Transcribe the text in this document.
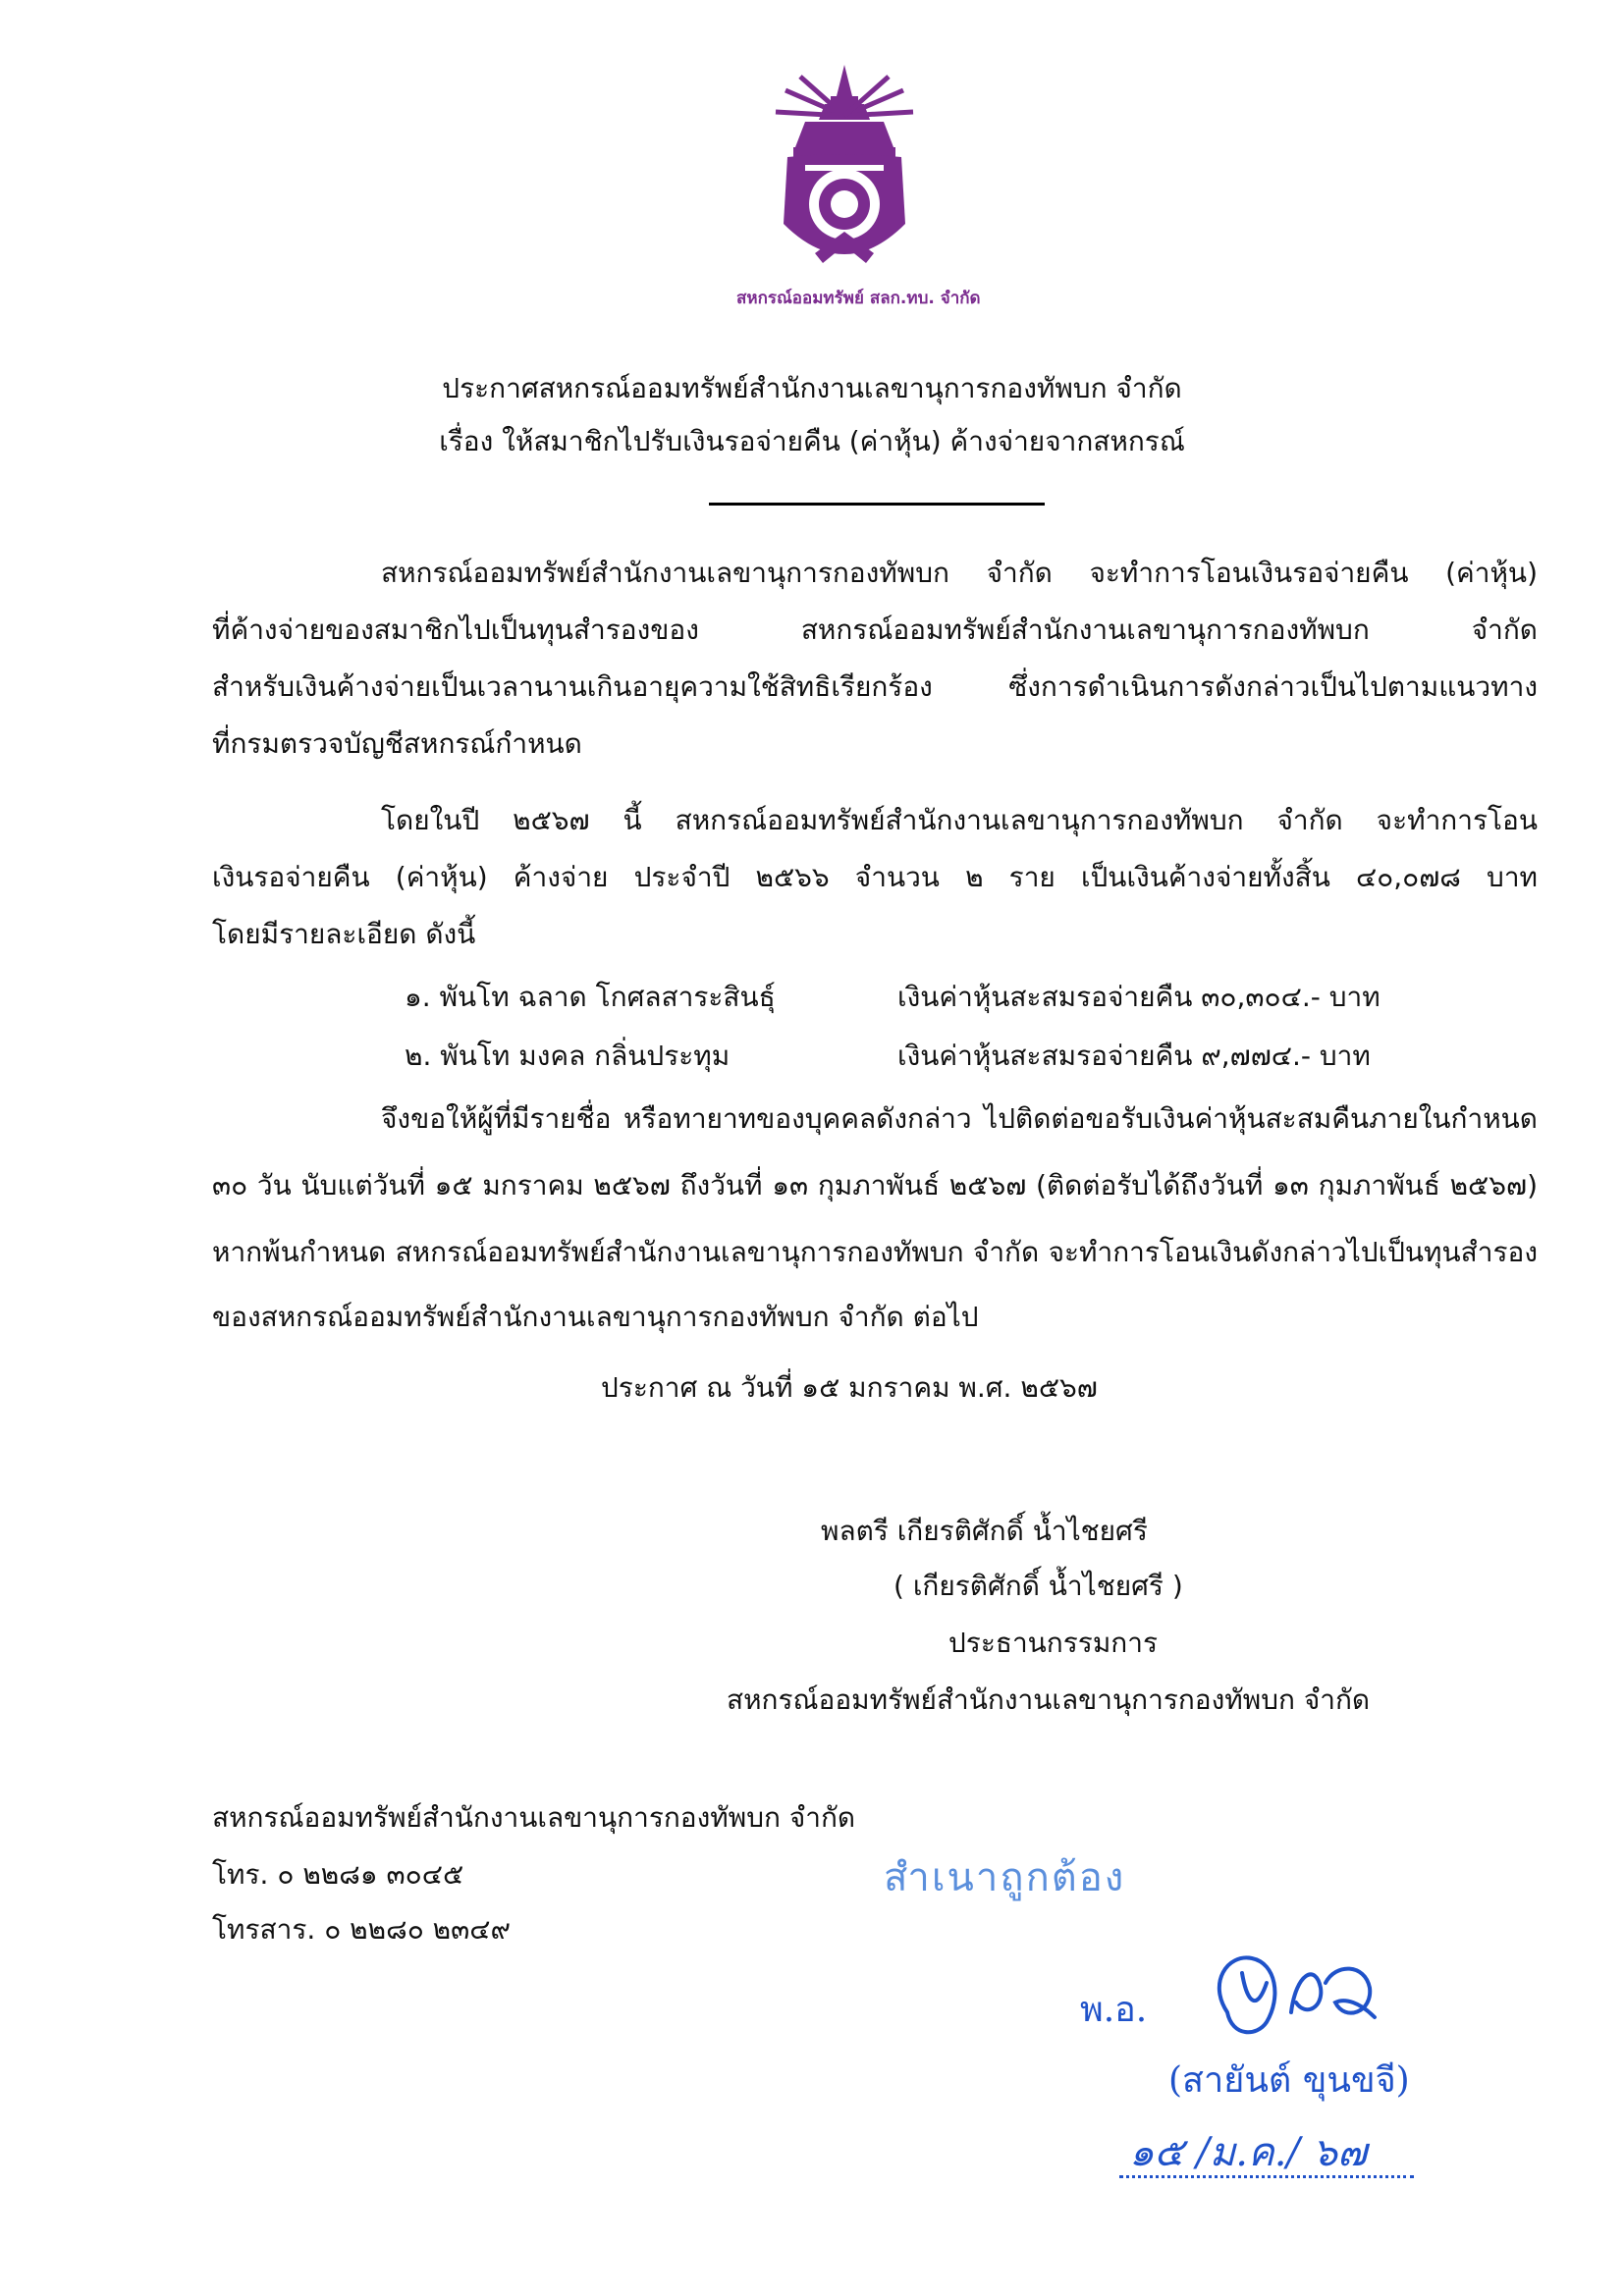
สหกรณ์ออมทรัพย์ สลก.ทบ. จำกัด
ประกาศสหกรณ์ออมทรัพย์สำนักงานเลขานุการกองทัพบก จำกัด
เรื่อง ให้สมาชิกไปรับเงินรอจ่ายคืน (ค่าหุ้น) ค้างจ่ายจากสหกรณ์
สหกรณ์ออมทรัพย์สำนักงานเลขานุการกองทัพบก จำกัด จะทำการโอนเงินรอจ่ายคืน (ค่าหุ้น)
ที่ค้างจ่ายของสมาชิกไปเป็นทุนสำรองของ สหกรณ์ออมทรัพย์สำนักงานเลขานุการกองทัพบก จำกัด
สำหรับเงินค้างจ่ายเป็นเวลานานเกินอายุความใช้สิทธิเรียกร้อง ซึ่งการดำเนินการดังกล่าวเป็นไปตามแนวทาง
ที่กรมตรวจบัญชีสหกรณ์กำหนด
โดยในปี ๒๕๖๗ นี้ สหกรณ์ออมทรัพย์สำนักงานเลขานุการกองทัพบก จำกัด จะทำการโอน
เงินรอจ่ายคืน (ค่าหุ้น) ค้างจ่าย ประจำปี ๒๕๖๖ จำนวน ๒ ราย เป็นเงินค้างจ่ายทั้งสิ้น ๔๐,๐๗๘ บาท
โดยมีรายละเอียด ดังนี้
๑. พันโท ฉลาด โกศลสาระสินธุ์	เงินค่าหุ้นสะสมรอจ่ายคืน ๓๐,๓๐๔.- บาท
๒. พันโท มงคล กลิ่นประทุม	เงินค่าหุ้นสะสมรอจ่ายคืน ๙,๗๗๔.- บาท
จึงขอให้ผู้ที่มีรายชื่อ หรือทายาทของบุคคลดังกล่าว ไปติดต่อขอรับเงินค่าหุ้นสะสมคืนภายในกำหนด
๓๐ วัน นับแต่วันที่ ๑๕ มกราคม ๒๕๖๗ ถึงวันที่ ๑๓ กุมภาพันธ์ ๒๕๖๗ (ติดต่อรับได้ถึงวันที่ ๑๓ กุมภาพันธ์ ๒๕๖๗)
หากพ้นกำหนด สหกรณ์ออมทรัพย์สำนักงานเลขานุการกองทัพบก จำกัด จะทำการโอนเงินดังกล่าวไปเป็นทุนสำรอง
ของสหกรณ์ออมทรัพย์สำนักงานเลขานุการกองทัพบก จำกัด ต่อไป
ประกาศ ณ วันที่ ๑๕ มกราคม พ.ศ. ๒๕๖๗
พลตรี เกียรติศักดิ์ น้ำไชยศรี
( เกียรติศักดิ์ น้ำไชยศรี )
ประธานกรรมการ
สหกรณ์ออมทรัพย์สำนักงานเลขานุการกองทัพบก จำกัด
สหกรณ์ออมทรัพย์สำนักงานเลขานุการกองทัพบก จำกัด
โทร. ๐ ๒๒๘๑ ๓๐๔๕
โทรสาร. ๐ ๒๒๘๐ ๒๓๔๙
สำเนาถูกต้อง
พ.อ.
(สายันต์ ขุนขจี)
๑๕ /ม.ค./ ๖๗
